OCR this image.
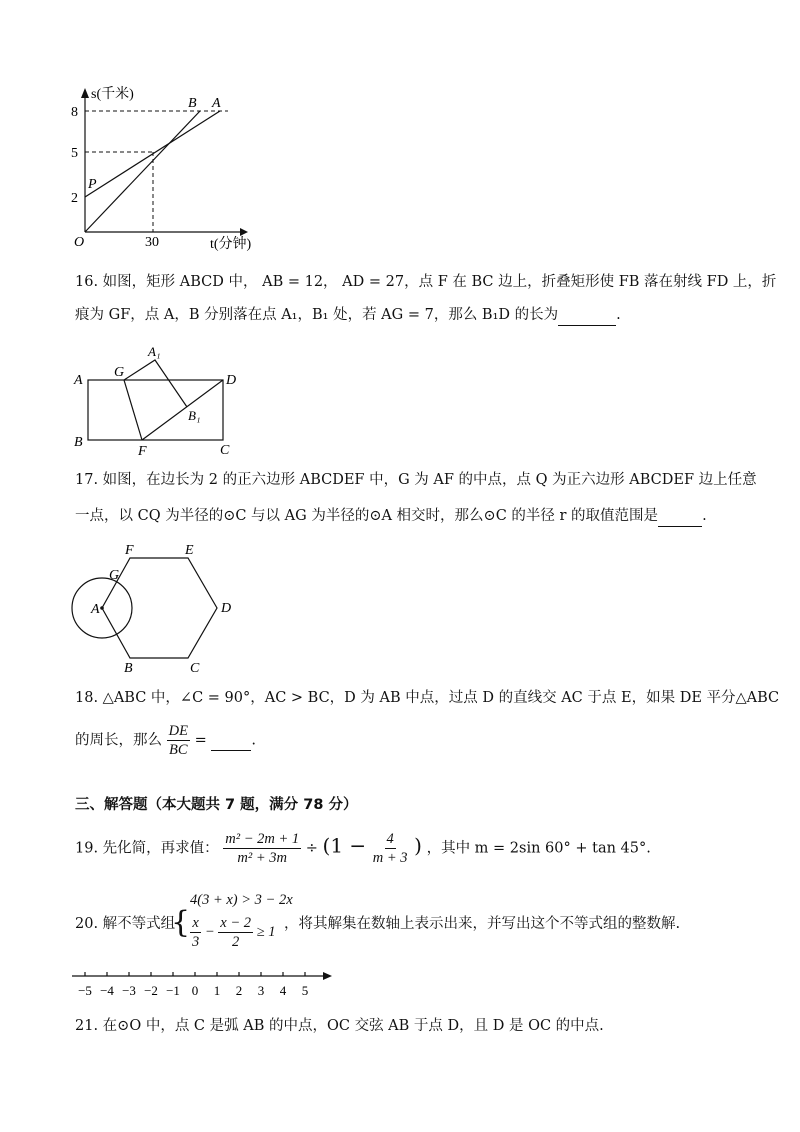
s(千米)
t(分钟)
O
8
5
2
30
B A
P
16. 如图，矩形 ABCD 中， AB = 12， AD = 27，点 F 在 BC 边上，折叠矩形使 FB 落在射线 FD 上，折
痕为 GF，点 A，B 分别落在点 A₁，B₁ 处，若 AG = 7，那么 B₁D 的长为	.
A
G
A₁
D
B₁
B
F	C
17. 如图，在边长为 2 的正六边形 ABCDEF 中，G 为 AF 的中点，点 Q 为正六边形 ABCDEF 边上任意
一点，以 CQ 为半径的⊙C 与以 AG 为半径的⊙A 相交时，那么⊙C 的半径 r 的取值范围是	.
F	E
G
A	D
B	C
18. △ABC 中，∠C = 90°，AC > BC，D 为 AB 中点，过点 D 的直线交 AC 于点 E，如果 DE 平分△ABC
的周长，那么 $\frac{DE}{BC}$ =	.
三、解答题（本大题共 7 题，满分 78 分）
19. 先化简，再求值： $\frac{\text{m² − 2m + 1}}{\text{m² + 3m}} \div (1 - \frac{4}{m + 3}$ ) ，其中 m = 2sin 60° + tan 45°.
20. 解不等式组
{
4(3 + x) > 3 − 2x
$\frac{x}{3} - \frac{x - 2}{2} \ge 1$ ，将其解集在数轴上表示出来，并写出这个不等式组的整数解.
−5 −4 −3 −2 −1 0 1 2 3 4 5
21. 在⊙O 中，点 C 是弧 AB 的中点，OC 交弦 AB 于点 D，且 D 是 OC 的中点.
